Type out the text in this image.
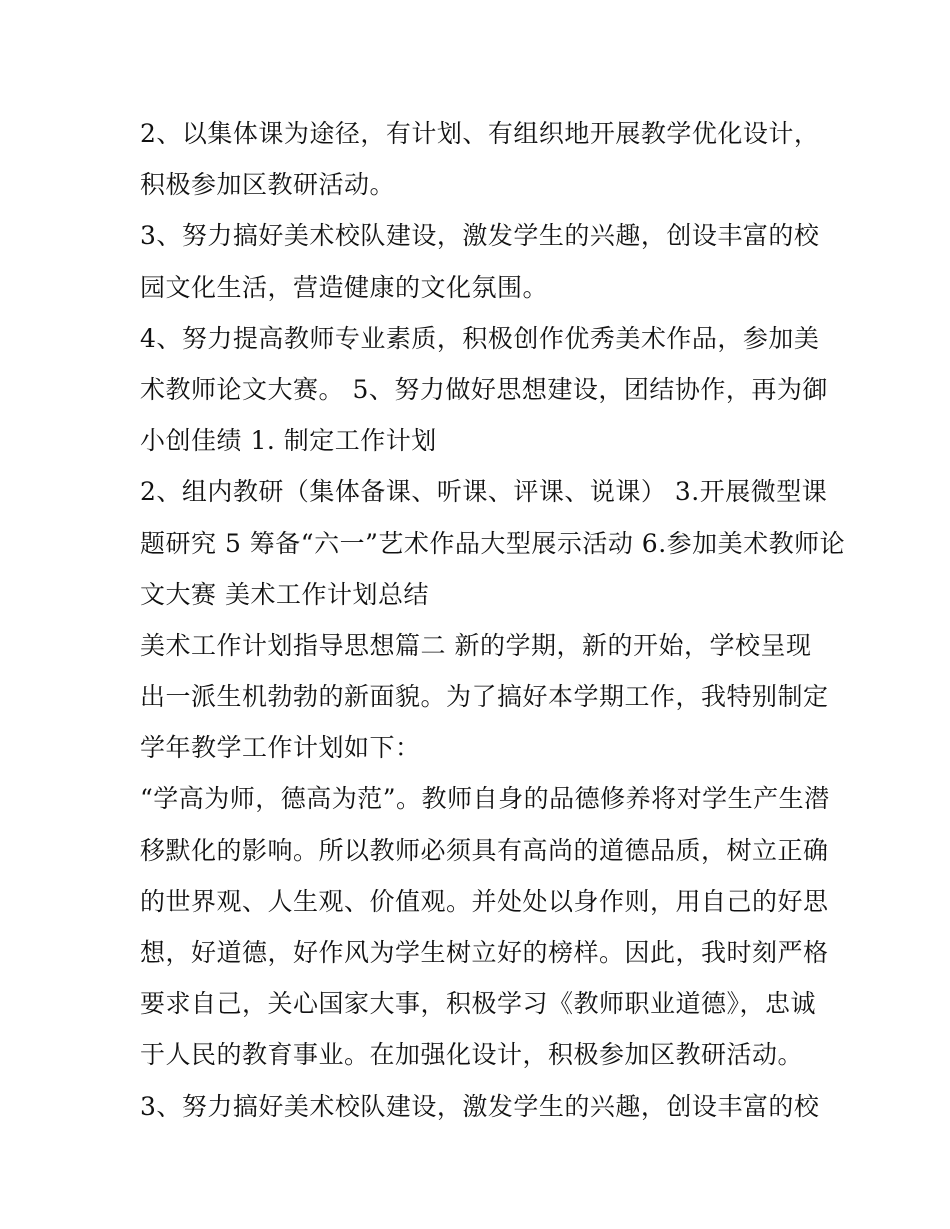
2、以集体课为途径，有计划、有组织地开展教学优化设计，
积极参加区教研活动。
3、努力搞好美术校队建设，激发学生的兴趣，创设丰富的校
园文化生活，营造健康的文化氛围。
4、努力提高教师专业素质，积极创作优秀美术作品，参加美
术教师论文大赛。 5、努力做好思想建设，团结协作，再为御
小创佳绩 1. 制定工作计划
2、组内教研（集体备课、听课、评课、说课） 3.开展微型课
题研究 5 筹备“六一”艺术作品大型展示活动 6.参加美术教师论
文大赛 美术工作计划总结
美术工作计划指导思想篇二 新的学期，新的开始，学校呈现
出一派生机勃勃的新面貌。为了搞好本学期工作，我特别制定
学年教学工作计划如下：
“学高为师，德高为范”。教师自身的品德修养将对学生产生潜
移默化的影响。所以教师必须具有高尚的道德品质，树立正确
的世界观、人生观、价值观。并处处以身作则，用自己的好思
想，好道德，好作风为学生树立好的榜样。因此，我时刻严格
要求自己，关心国家大事，积极学习《教师职业道德》，忠诚
于人民的教育事业。在加强化设计，积极参加区教研活动。
3、努力搞好美术校队建设，激发学生的兴趣，创设丰富的校
